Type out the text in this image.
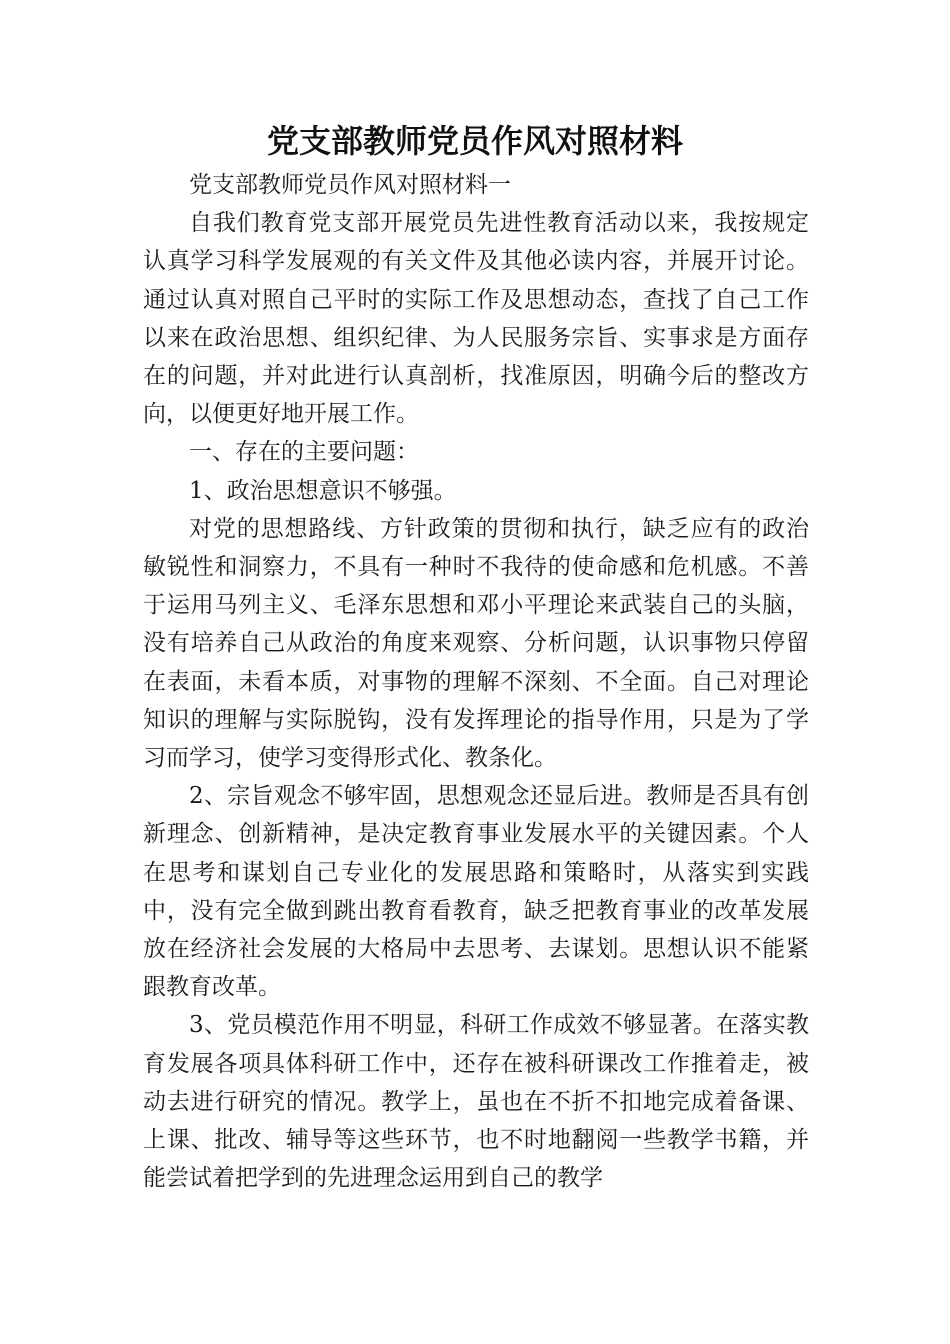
党支部教师党员作风对照材料

党支部教师党员作风对照材料一

自我们教育党支部开展党员先进性教育活动以来，我按规定认真学习科学发展观的有关文件及其他必读内容，并展开讨论。通过认真对照自己平时的实际工作及思想动态，查找了自己工作以来在政治思想、组织纪律、为人民服务宗旨、实事求是方面存在的问题，并对此进行认真剖析，找准原因，明确今后的整改方向，以便更好地开展工作。

一、存在的主要问题：

1、政治思想意识不够强。

对党的思想路线、方针政策的贯彻和执行，缺乏应有的政治敏锐性和洞察力，不具有一种时不我待的使命感和危机感。不善于运用马列主义、毛泽东思想和邓小平理论来武装自己的头脑，没有培养自己从政治的角度来观察、分析问题，认识事物只停留在表面，未看本质，对事物的理解不深刻、不全面。自己对理论知识的理解与实际脱钩，没有发挥理论的指导作用，只是为了学习而学习，使学习变得形式化、教条化。

2、宗旨观念不够牢固，思想观念还显后进。教师是否具有创新理念、创新精神，是决定教育事业发展水平的关键因素。个人在思考和谋划自己专业化的发展思路和策略时，从落实到实践中，没有完全做到跳出教育看教育，缺乏把教育事业的改革发展放在经济社会发展的大格局中去思考、去谋划。思想认识不能紧跟教育改革。

3、党员模范作用不明显，科研工作成效不够显著。在落实教育发展各项具体科研工作中，还存在被科研课改工作推着走，被动去进行研究的情况。教学上，虽也在不折不扣地完成着备课、上课、批改、辅导等这些环节，也不时地翻阅一些教学书籍，并能尝试着把学到的先进理念运用到自己的教学
